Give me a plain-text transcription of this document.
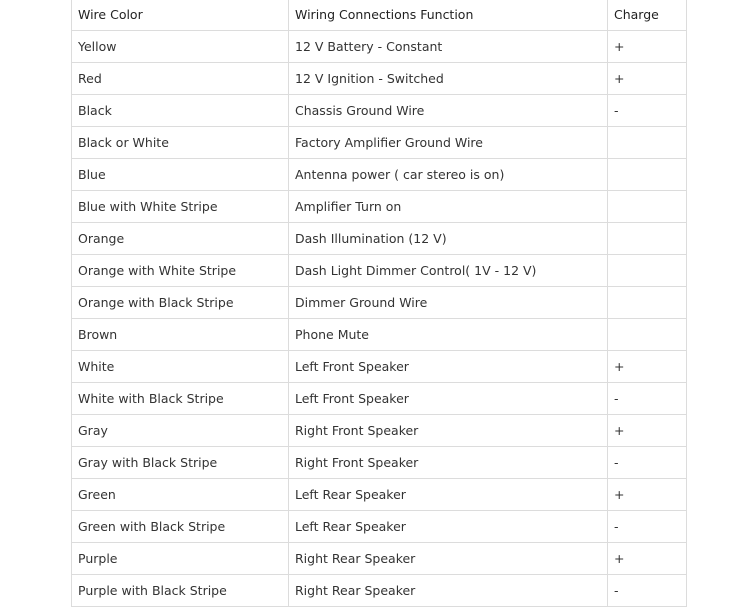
Wire Color	Wiring Connections Function	Charge
Yellow	12 V Battery - Constant	+
Red	12 V Ignition - Switched	+
Black	Chassis Ground Wire	-
Black or White	Factory Amplifier Ground Wire	
Blue	Antenna power ( car stereo is on)	
Blue with White Stripe	Amplifier Turn on	
Orange	Dash Illumination (12 V)	
Orange with White Stripe	Dash Light Dimmer Control( 1V - 12 V)	
Orange with Black Stripe	Dimmer Ground Wire	
Brown	Phone Mute	
White	Left Front Speaker	+
White with Black Stripe	Left Front Speaker	-
Gray	Right Front Speaker	+
Gray with Black Stripe	Right Front Speaker	-
Green	Left Rear Speaker	+
Green with Black Stripe	Left Rear Speaker	-
Purple	Right Rear Speaker	+
Purple with Black Stripe	Right Rear Speaker	-
